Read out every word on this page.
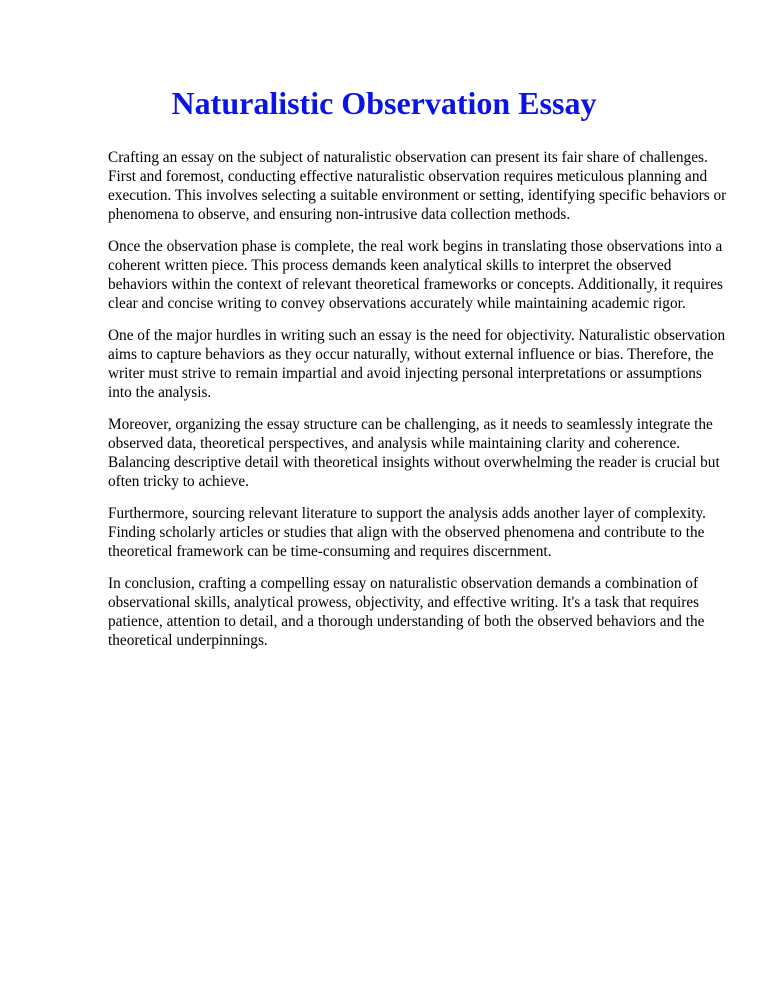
Naturalistic Observation Essay

Crafting an essay on the subject of naturalistic observation can present its fair share of challenges. First and foremost, conducting effective naturalistic observation requires meticulous planning and execution. This involves selecting a suitable environment or setting, identifying specific behaviors or phenomena to observe, and ensuring non-intrusive data collection methods.

Once the observation phase is complete, the real work begins in translating those observations into a coherent written piece. This process demands keen analytical skills to interpret the observed behaviors within the context of relevant theoretical frameworks or concepts. Additionally, it requires clear and concise writing to convey observations accurately while maintaining academic rigor.

One of the major hurdles in writing such an essay is the need for objectivity. Naturalistic observation aims to capture behaviors as they occur naturally, without external influence or bias. Therefore, the writer must strive to remain impartial and avoid injecting personal interpretations or assumptions into the analysis.

Moreover, organizing the essay structure can be challenging, as it needs to seamlessly integrate the observed data, theoretical perspectives, and analysis while maintaining clarity and coherence. Balancing descriptive detail with theoretical insights without overwhelming the reader is crucial but often tricky to achieve.

Furthermore, sourcing relevant literature to support the analysis adds another layer of complexity. Finding scholarly articles or studies that align with the observed phenomena and contribute to the theoretical framework can be time-consuming and requires discernment.

In conclusion, crafting a compelling essay on naturalistic observation demands a combination of observational skills, analytical prowess, objectivity, and effective writing. It's a task that requires patience, attention to detail, and a thorough understanding of both the observed behaviors and the theoretical underpinnings.
